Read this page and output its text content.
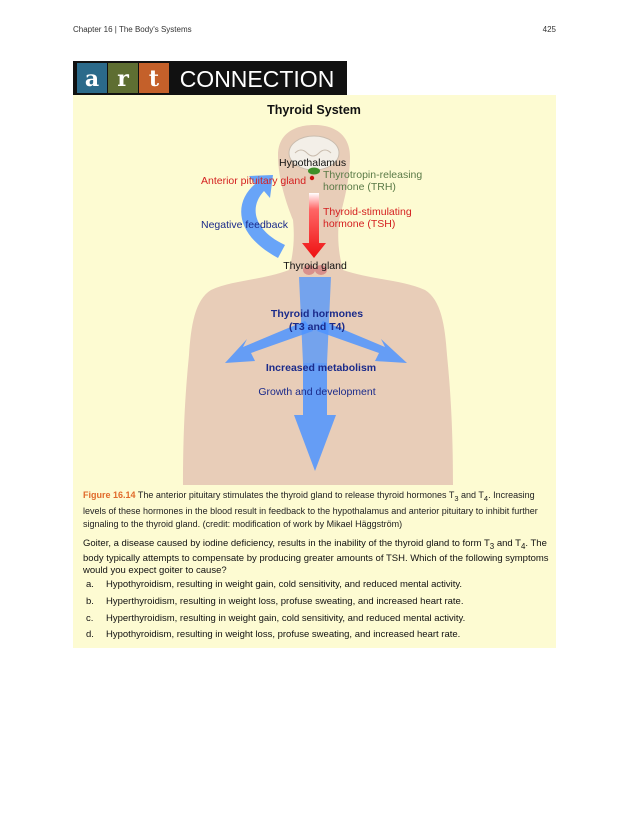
Chapter 16 | The Body's Systems	425
a r t CONNECTION
Thyroid System
Hypothalamus
Anterior pituitary gland Thyrotropin-releasing
hormone (TRH)
Thyroid-stimulating
hormone (TSH)
Negative feedback
Thyroid gland
Thyroid hormones
(T3 and T4)
Increased metabolism
Growth and development

Figure 16.14 The anterior pituitary stimulates the thyroid gland to release thyroid hormones $T_3$ and $T_4$. Increasing levels of these hormones in the blood result in feedback to the hypothalamus and anterior pituitary to inhibit further signaling to the thyroid gland. (credit: modification of work by Mikael Häggström)

Goiter, a disease caused by iodine deficiency, results in the inability of the thyroid gland to form $T_3$ and $T_4$. The body typically attempts to compensate by producing greater amounts of TSH. Which of the following symptoms would you expect goiter to cause?

a.	Hypothyroidism, resulting in weight gain, cold sensitivity, and reduced mental activity.
b.	Hyperthyroidism, resulting in weight loss, profuse sweating, and increased heart rate.
c.	Hyperthyroidism, resulting in weight gain, cold sensitivity, and reduced mental activity.
d.	Hypothyroidism, resulting in weight loss, profuse sweating, and increased heart rate.
